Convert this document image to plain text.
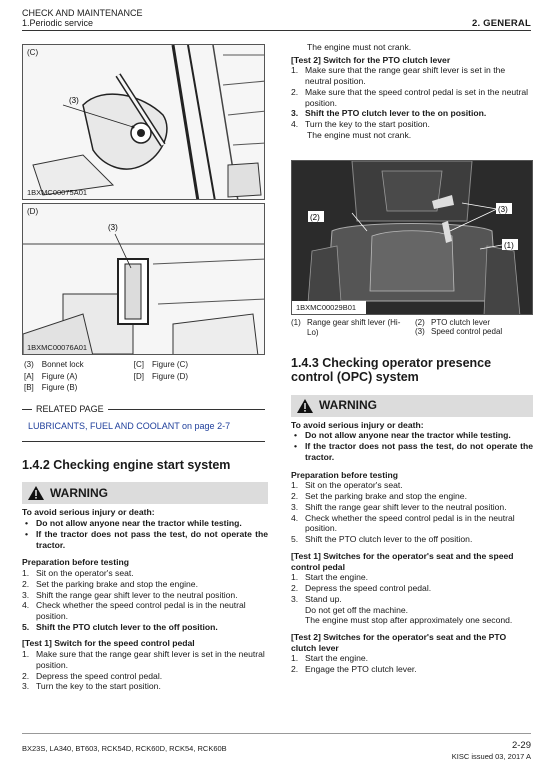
CHECK AND MAINTENANCE
1.Periodic service	2. GENERAL
(3)
(C)
1BXMC00075A01
(3)
(D)
1BXMC00076A01
(3)	Bonnet lock	[C]	Figure (C)
[A]	Figure (A)	[D]	Figure (D)
[B]	Figure (B)		
RELATED PAGE
LUBRICANTS, FUEL AND COOLANT on page 2-7
1.4.2 Checking engine start system
WARNING
To avoid serious injury or death:
• Do not allow anyone near the tractor while testing.
• If the tractor does not pass the test, do not operate the tractor.
Preparation before testing
1. Sit on the operator's seat.
2. Set the parking brake and stop the engine.
3. Shift the range gear shift lever to the neutral position.
4. Check whether the speed control pedal is in the neutral position.
5. Shift the PTO clutch lever to the off position.
[Test 1] Switch for the speed control pedal
1. Make sure that the range gear shift lever is set in the neutral position.
2. Depress the speed control pedal.
3. Turn the key to the start position.
The engine must not crank.
[Test 2] Switch for the PTO clutch lever
1. Make sure that the range gear shift lever is set in the neutral position.
2. Make sure that the speed control pedal is set in the neutral position.
3. Shift the PTO clutch lever to the on position.
4. Turn the key to the start position.
The engine must not crank.
(2)
(3)
(1)
1BXMC00029B01
(1) Range gear shift lever (Hi-Lo)
(2) PTO clutch lever
(3) Speed control pedal
1.4.3 Checking operator presence control (OPC) system
WARNING
To avoid serious injury or death:
• Do not allow anyone near the tractor while testing.
• If the tractor does not pass the test, do not operate the tractor.
Preparation before testing
1. Sit on the operator's seat.
2. Set the parking brake and stop the engine.
3. Shift the range gear shift lever to the neutral position.
4. Check whether the speed control pedal is in the neutral position.
5. Shift the PTO clutch lever to the off position.
[Test 1] Switches for the operator's seat and the speed control pedal
1. Start the engine.
2. Depress the speed control pedal.
3. Stand up.
Do not get off the machine.
The engine must stop after approximately one second.
[Test 2] Switches for the operator's seat and the PTO clutch lever
1. Start the engine.
2. Engage the PTO clutch lever.
BX23S, LA340, BT603, RCK54D, RCK60D, RCK54, RCK60B	2-29
KISC issued 03, 2017 A
